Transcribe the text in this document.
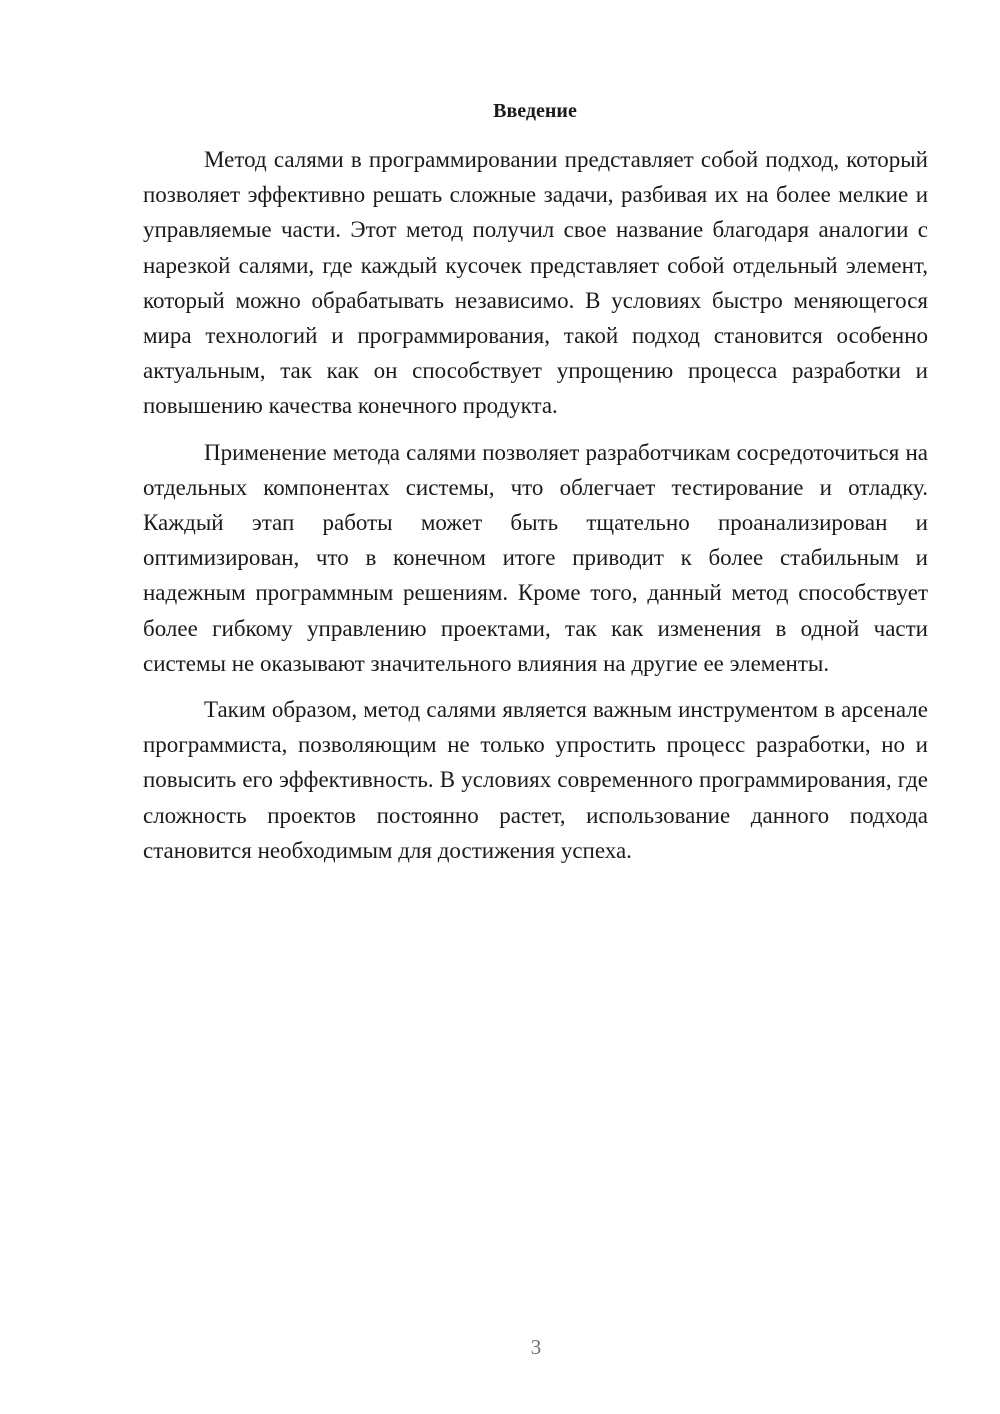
Введение

Метод салями в программировании представляет собой подход, который позволяет эффективно решать сложные задачи, разбивая их на более мелкие и управляемые части. Этот метод получил свое название благодаря аналогии с нарезкой салями, где каждый кусочек представляет собой отдельный элемент, который можно обрабатывать независимо. В условиях быстро меняющегося мира технологий и программирования, такой подход становится особенно актуальным, так как он способствует упрощению процесса разработки и повышению качества конечного продукта.

Применение метода салями позволяет разработчикам сосредоточиться на отдельных компонентах системы, что облегчает тестирование и отладку. Каждый этап работы может быть тщательно проанализирован и оптимизирован, что в конечном итоге приводит к более стабильным и надежным программным решениям. Кроме того, данный метод способствует более гибкому управлению проектами, так как изменения в одной части системы не оказывают значительного влияния на другие ее элементы.

Таким образом, метод салями является важным инструментом в арсенале программиста, позволяющим не только упростить процесс разработки, но и повысить его эффективность. В условиях современного программирования, где сложность проектов постоянно растет, использование данного подхода становится необходимым для достижения успеха.

3
